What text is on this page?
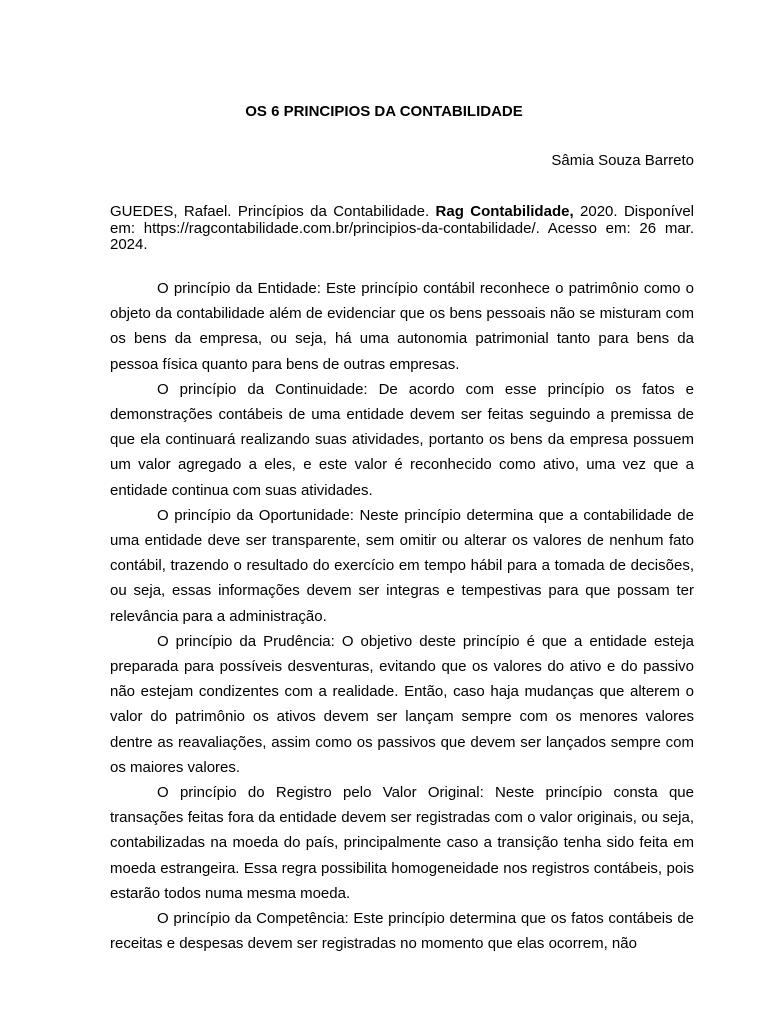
OS 6 PRINCIPIOS DA CONTABILIDADE
Sâmia Souza Barreto
GUEDES, Rafael. Princípios da Contabilidade. Rag Contabilidade, 2020. Disponível em: https://ragcontabilidade.com.br/principios-da-contabilidade/. Acesso em: 26 mar. 2024.

O princípio da Entidade: Este princípio contábil reconhece o patrimônio como o objeto da contabilidade além de evidenciar que os bens pessoais não se misturam com os bens da empresa, ou seja, há uma autonomia patrimonial tanto para bens da pessoa física quanto para bens de outras empresas.

O princípio da Continuidade: De acordo com esse princípio os fatos e demonstrações contábeis de uma entidade devem ser feitas seguindo a premissa de que ela continuará realizando suas atividades, portanto os bens da empresa possuem um valor agregado a eles, e este valor é reconhecido como ativo, uma vez que a entidade continua com suas atividades.

O princípio da Oportunidade: Neste princípio determina que a contabilidade de uma entidade deve ser transparente, sem omitir ou alterar os valores de nenhum fato contábil, trazendo o resultado do exercício em tempo hábil para a tomada de decisões, ou seja, essas informações devem ser integras e tempestivas para que possam ter relevância para a administração.

O princípio da Prudência: O objetivo deste princípio é que a entidade esteja preparada para possíveis desventuras, evitando que os valores do ativo e do passivo não estejam condizentes com a realidade. Então, caso haja mudanças que alterem o valor do patrimônio os ativos devem ser lançam sempre com os menores valores dentre as reavaliações, assim como os passivos que devem ser lançados sempre com os maiores valores.

O princípio do Registro pelo Valor Original: Neste princípio consta que transações feitas fora da entidade devem ser registradas com o valor originais, ou seja, contabilizadas na moeda do país, principalmente caso a transição tenha sido feita em moeda estrangeira. Essa regra possibilita homogeneidade nos registros contábeis, pois estarão todos numa mesma moeda.

O princípio da Competência: Este princípio determina que os fatos contábeis de receitas e despesas devem ser registradas no momento que elas ocorrem, não
